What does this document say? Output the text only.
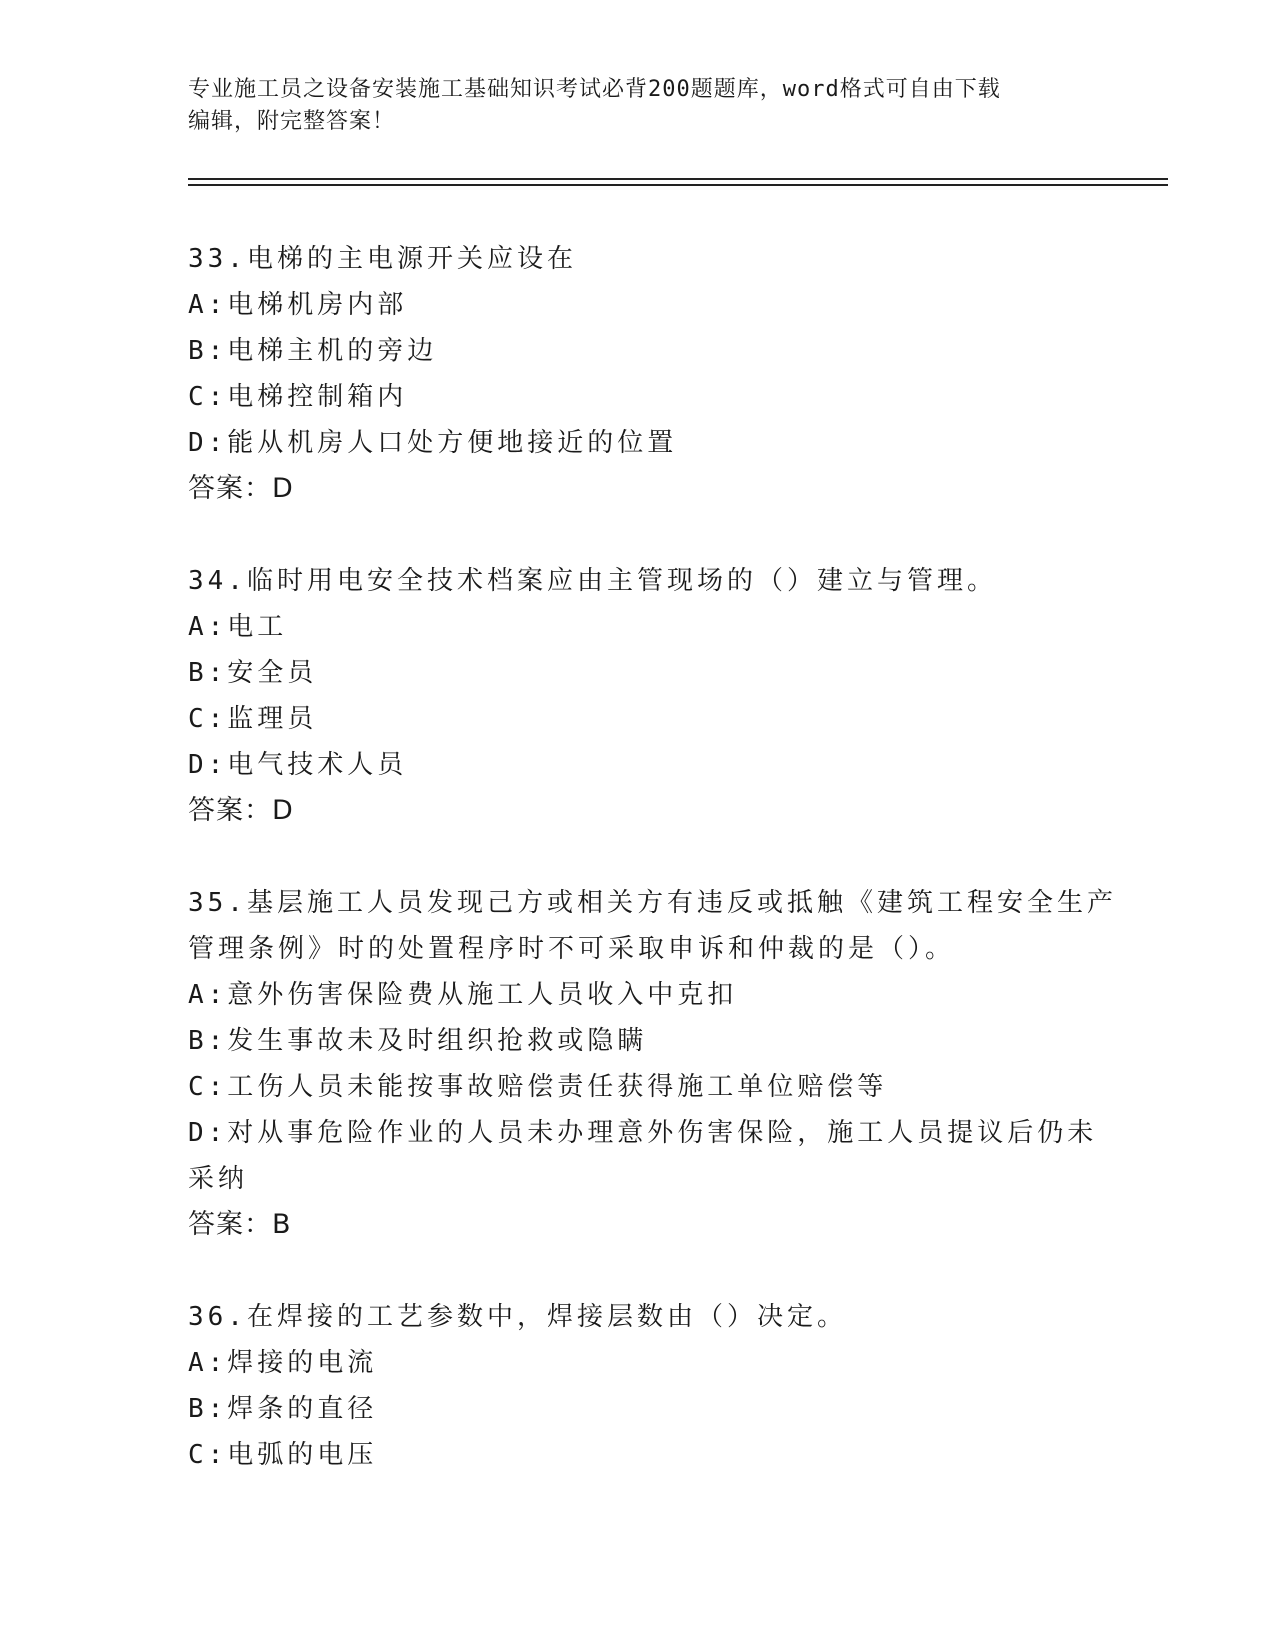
专业施工员之设备安装施工基础知识考试必背200题题库，word格式可自由下载
编辑，附完整答案！
33.电梯的主电源开关应设在
A:电梯机房内部
B:电梯主机的旁边
C:电梯控制箱内
D:能从机房人口处方便地接近的位置
答案：D
34.临时用电安全技术档案应由主管现场的（）建立与管理。
A:电工
B:安全员
C:监理员
D:电气技术人员
答案：D
35.基层施工人员发现己方或相关方有违反或抵触《建筑工程安全生产
管理条例》时的处置程序时不可采取申诉和仲裁的是（）。
A:意外伤害保险费从施工人员收入中克扣
B:发生事故未及时组织抢救或隐瞒
C:工伤人员未能按事故赔偿责任获得施工单位赔偿等
D:对从事危险作业的人员未办理意外伤害保险，施工人员提议后仍未
采纳
答案：B
36.在焊接的工艺参数中，焊接层数由（）决定。
A:焊接的电流
B:焊条的直径
C:电弧的电压
